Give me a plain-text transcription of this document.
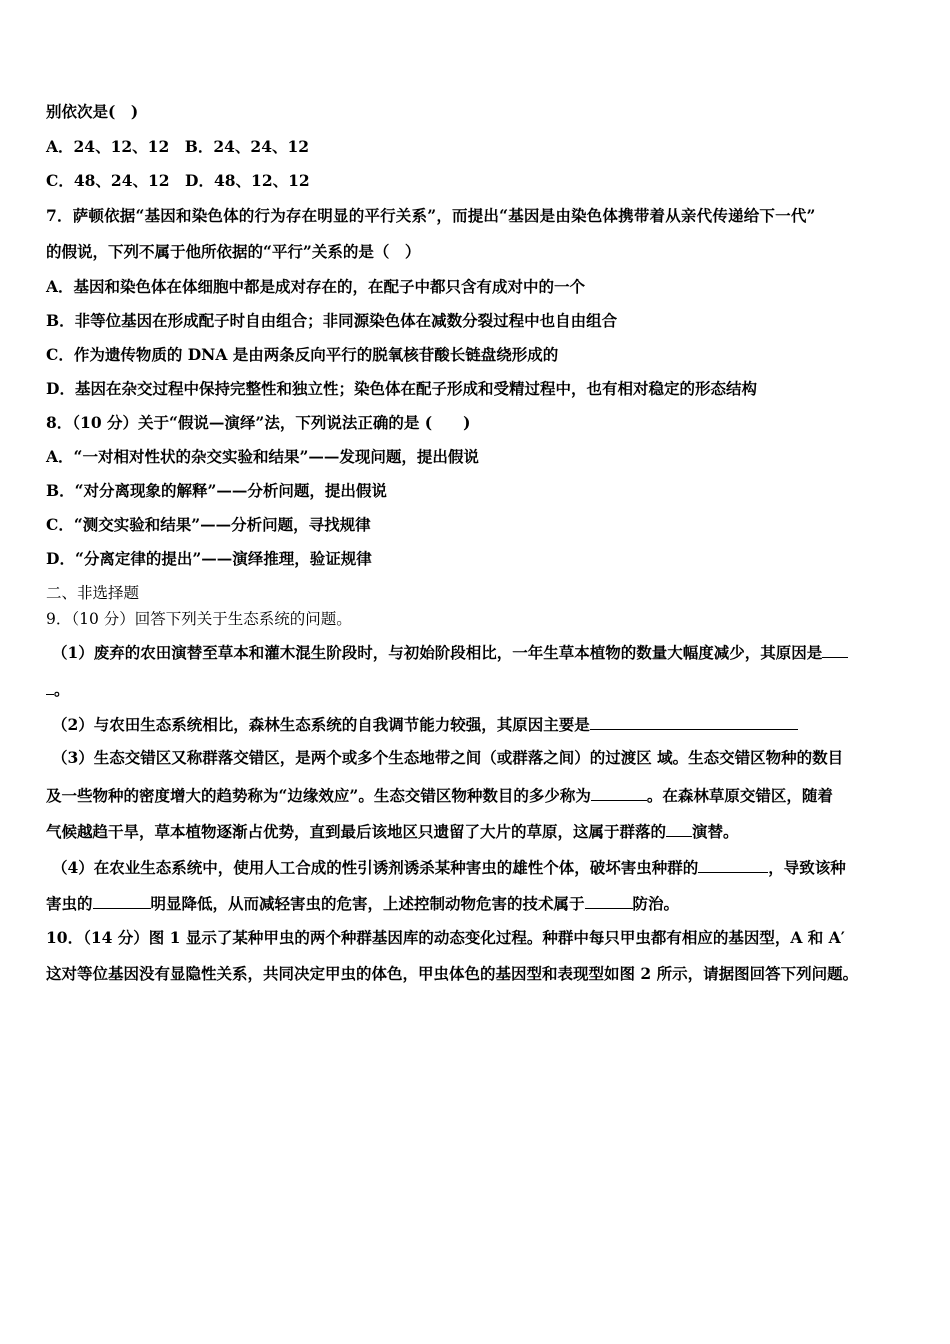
别依次是(　)
A．24、12、12　B．24、24、12
C．48、24、12　D．48、12、12
7．萨顿依据“基因和染色体的行为存在明显的平行关系”，而提出“基因是由染色体携带着从亲代传递给下一代”
的假说，下列不属于他所依据的“平行”关系的是（　）
A．基因和染色体在体细胞中都是成对存在的，在配子中都只含有成对中的一个
B．非等位基因在形成配子时自由组合；非同源染色体在减数分裂过程中也自由组合
C．作为遗传物质的 DNA 是由两条反向平行的脱氧核苷酸长链盘绕形成的
D．基因在杂交过程中保持完整性和独立性；染色体在配子形成和受精过程中，也有相对稳定的形态结构
8．（10 分）关于“假说—演绎”法，下列说法正确的是 (　　)
A．“一对相对性状的杂交实验和结果”——发现问题，提出假说
B．“对分离现象的解释”——分析问题，提出假说
C．“测交实验和结果”——分析问题，寻找规律
D．“分离定律的提出”——演绎推理，验证规律
二、非选择题
9．（10 分）回答下列关于生态系统的问题。
（1）废弃的农田演替至草本和灌木混生阶段时，与初始阶段相比，一年生草本植物的数量大幅度减少，其原因是
。
（2）与农田生态系统相比，森林生态系统的自我调节能力较强，其原因主要是
（3）生态交错区又称群落交错区，是两个或多个生态地带之间（或群落之间）的过渡区 域。生态交错区物种的数目
及一些物种的密度增大的趋势称为“边缘效应”。生态交错区物种数目的多少称为	。在森林草原交错区，随着
气候越趋干旱，草本植物逐渐占优势，直到最后该地区只遗留了大片的草原，这属于群落的 演替。
（4）在农业生态系统中，使用人工合成的性引诱剂诱杀某种害虫的雄性个体，破坏害虫种群的	，导致该种
害虫的	明显降低，从而减轻害虫的危害，上述控制动物危害的技术属于	防治。
10．（14 分）图 1 显示了某种甲虫的两个种群基因库的动态变化过程。种群中每只甲虫都有相应的基因型，A 和 A′
这对等位基因没有显隐性关系，共同决定甲虫的体色，甲虫体色的基因型和表现型如图 2 所示，请据图回答下列问题。
